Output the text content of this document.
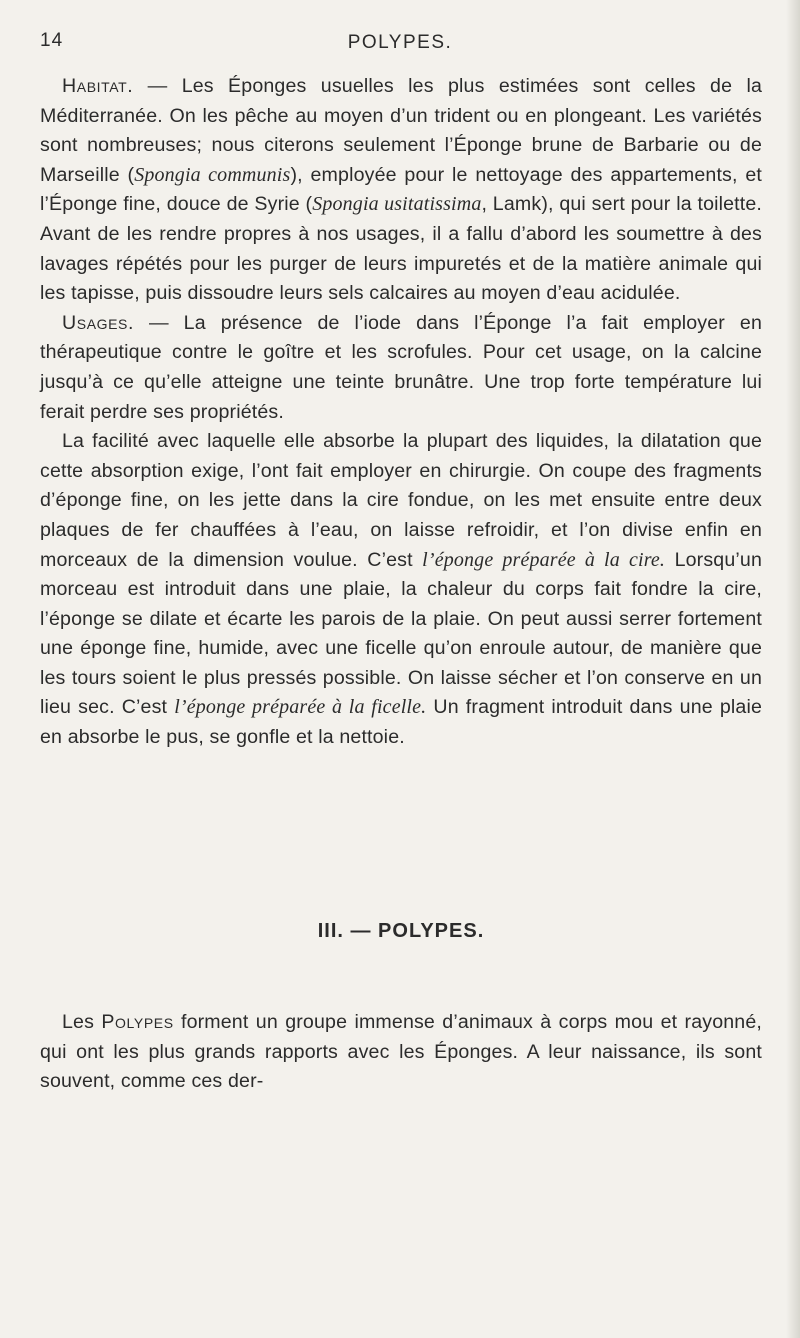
14	POLYPES.

Habitat. — Les Éponges usuelles les plus estimées sont celles de la Méditerranée. On les pêche au moyen d’un trident ou en plongeant. Les variétés sont nombreuses; nous citerons seulement l’Éponge brune de Barbarie ou de Marseille (Spongia communis), employée pour le nettoyage des appartements, et l’Éponge fine, douce de Syrie (Spongia usitatissima, Lamk), qui sert pour la toilette. Avant de les rendre propres à nos usages, il a fallu d’abord les soumettre à des lavages répétés pour les purger de leurs impuretés et de la matière animale qui les tapisse, puis dissoudre leurs sels calcaires au moyen d’eau acidulée.

Usages. — La présence de l’iode dans l’Éponge l’a fait employer en thérapeutique contre le goître et les scrofules. Pour cet usage, on la calcine jusqu’à ce qu’elle atteigne une teinte brunâtre. Une trop forte température lui ferait perdre ses propriétés.

La facilité avec laquelle elle absorbe la plupart des liquides, la dilatation que cette absorption exige, l’ont fait employer en chirurgie. On coupe des fragments d’éponge fine, on les jette dans la cire fondue, on les met ensuite entre deux plaques de fer chauffées à l’eau, on laisse refroidir, et l’on divise enfin en morceaux de la dimension voulue. C’est l’éponge préparée à la cire. Lorsqu’un morceau est introduit dans une plaie, la chaleur du corps fait fondre la cire, l’éponge se dilate et écarte les parois de la plaie. On peut aussi serrer fortement une éponge fine, humide, avec une ficelle qu’on enroule autour, de manière que les tours soient le plus pressés possible. On laisse sécher et l’on conserve en un lieu sec. C’est l’éponge préparée à la ficelle. Un fragment introduit dans une plaie en absorbe le pus, se gonfle et la nettoie.

III. — POLYPES.

Les Polypes forment un groupe immense d’animaux à corps mou et rayonné, qui ont les plus grands rapports avec les Éponges. A leur naissance, ils sont souvent, comme ces der-
